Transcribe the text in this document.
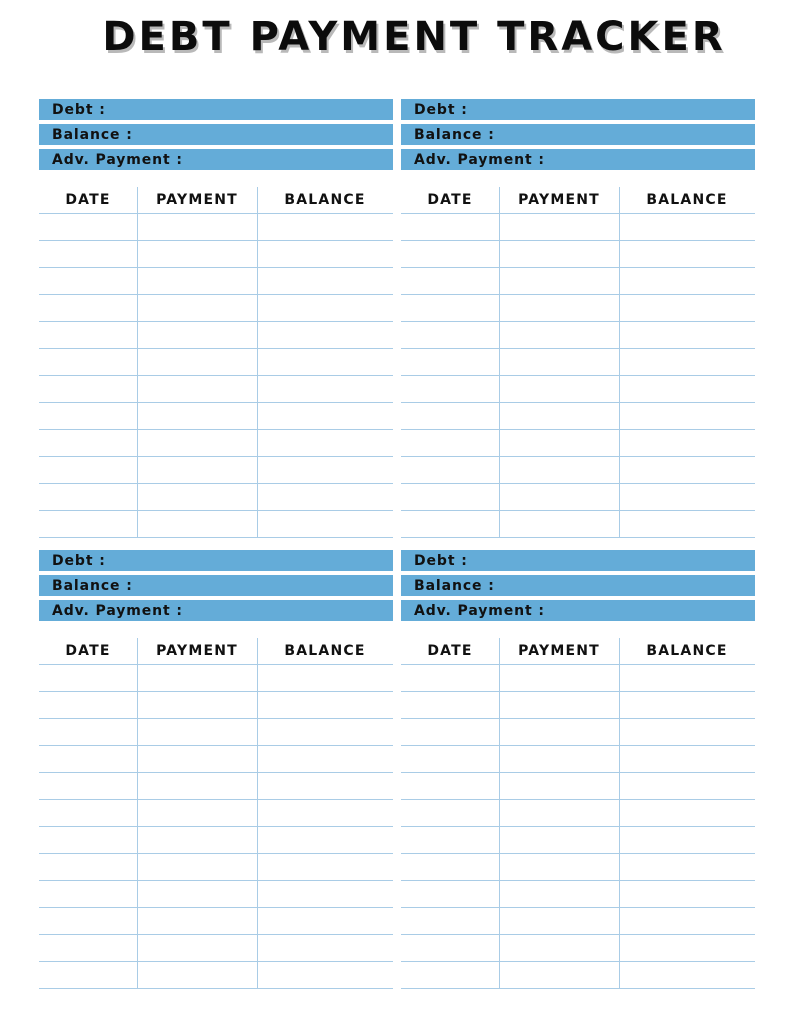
DEBT PAYMENT TRACKER
Debt :
Balance :
Adv. Payment :
DATE	PAYMENT	BALANCE
Debt :
Balance :
Adv. Payment :
DATE	PAYMENT	BALANCE
Debt :
Balance :
Adv. Payment :
DATE	PAYMENT	BALANCE
Debt :
Balance :
Adv. Payment :
DATE	PAYMENT	BALANCE
